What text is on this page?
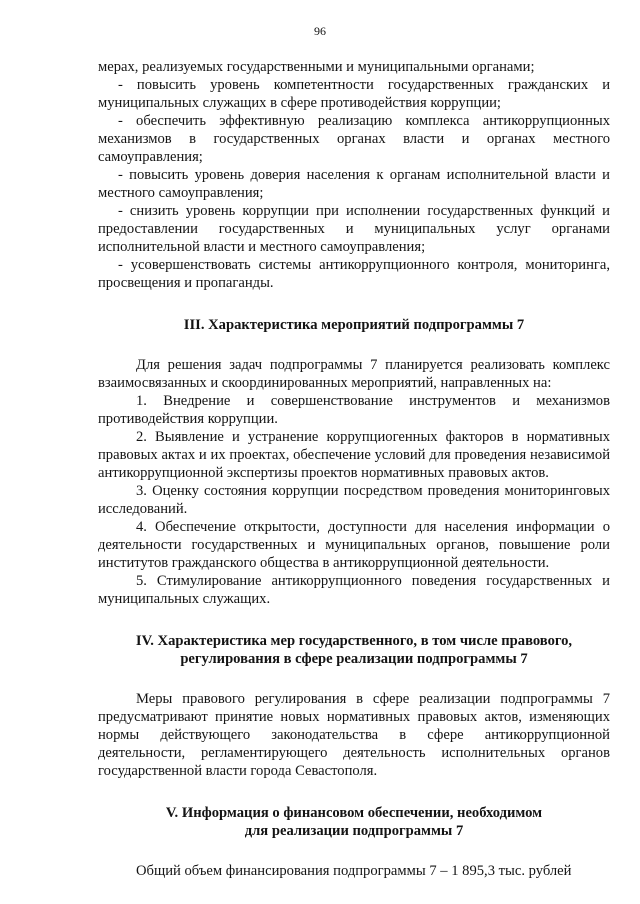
96

мерах, реализуемых государственными и муниципальными органами;

- повысить уровень компетентности государственных гражданских и муниципальных служащих в сфере противодействия коррупции;

- обеспечить эффективную реализацию комплекса антикоррупционных механизмов в государственных органах власти и органах местного самоуправления;

- повысить уровень доверия населения к органам исполнительной власти и местного самоуправления;

- снизить уровень коррупции при исполнении государственных функций и предоставлении государственных и муниципальных услуг органами исполнительной власти и местного самоуправления;

- усовершенствовать системы антикоррупционного контроля, мониторинга, просвещения и пропаганды.

III. Характеристика мероприятий подпрограммы 7

Для решения задач подпрограммы 7 планируется реализовать комплекс взаимосвязанных и скоординированных мероприятий, направленных на:

1. Внедрение и совершенствование инструментов и механизмов противодействия коррупции.

2. Выявление и устранение коррупциогенных факторов в нормативных правовых актах и их проектах, обеспечение условий для проведения независимой антикоррупционной экспертизы проектов нормативных правовых актов.

3. Оценку состояния коррупции посредством проведения мониторинговых исследований.

4. Обеспечение открытости, доступности для населения информации о деятельности государственных и муниципальных органов, повышение роли институтов гражданского общества в антикоррупционной деятельности.

5. Стимулирование антикоррупционного поведения государственных и муниципальных служащих.

IV. Характеристика мер государственного, в том числе правового,
регулирования в сфере реализации подпрограммы 7

Меры правового регулирования в сфере реализации подпрограммы 7 предусматривают принятие новых нормативных правовых актов, изменяющих нормы действующего законодательства в сфере антикоррупционной деятельности, регламентирующего деятельность исполнительных органов государственной власти города Севастополя.

V. Информация о финансовом обеспечении, необходимом
для реализации подпрограммы 7

Общий объем финансирования подпрограммы 7 – 1 895,3 тыс. рублей
